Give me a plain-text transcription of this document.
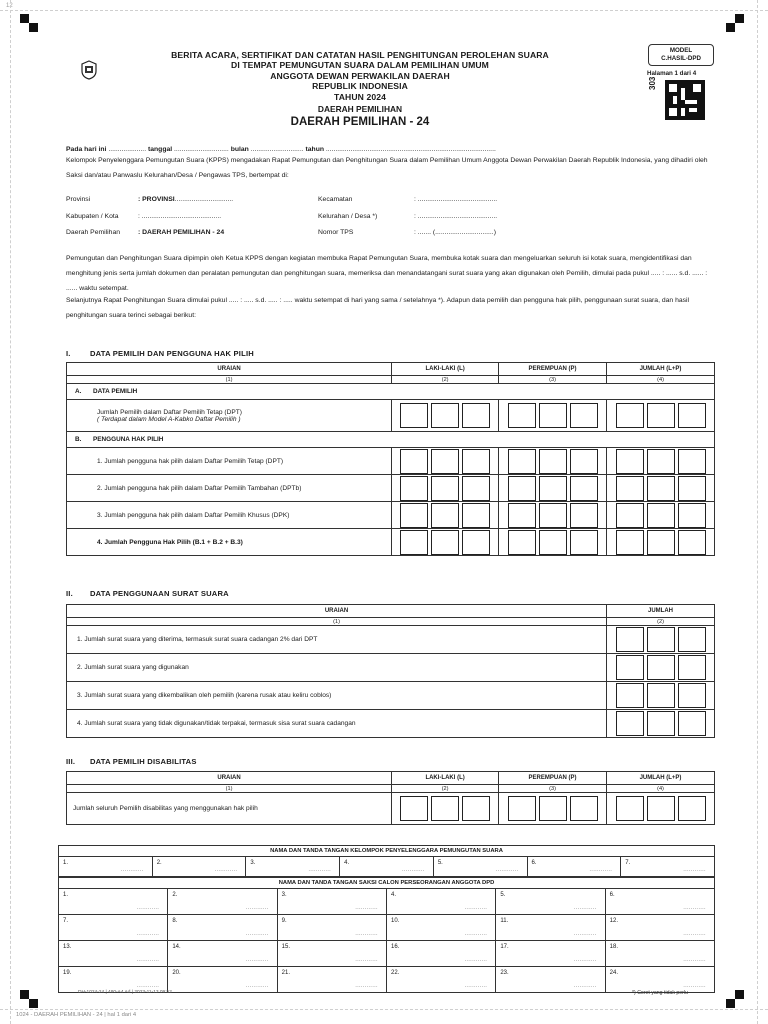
12
BERITA ACARA, SERTIFIKAT DAN CATATAN HASIL PENGHITUNGAN PEROLEHAN SUARA
DI TEMPAT PEMUNGUTAN SUARA DALAM PEMILIHAN UMUM
ANGGOTA DEWAN PERWAKILAN DAERAH
REPUBLIK INDONESIA
TAHUN 2024
DAERAH PEMILIHAN
DAERAH PEMILIHAN - 24
MODEL
C.HASIL-DPD
Halaman 1 dari 4
303
Pada hari ini .................... tanggal ............................. bulan ............................ tahun ..........................................................................................
Kelompok Penyelenggara Pemungutan Suara (KPPS) mengadakan Rapat Pemungutan dan Penghitungan Suara dalam Pemilihan Umum Anggota Dewan Perwakilan Daerah Republik Indonesia, yang dihadiri oleh Saksi dan/atau Panwaslu Kelurahan/Desa / Pengawas TPS, bertempat di:
Provinsi	: PROVINSI...............................
Kabupaten / Kota	: ..........................................
Daerah Pemilihan	: DAERAH PEMILIHAN - 24
Kecamatan	: ..........................................
Kelurahan / Desa *)	: ..........................................
Nomor TPS	: ....... (...............................)
Pemungutan dan Penghitungan Suara dipimpin oleh Ketua KPPS dengan kegiatan membuka Rapat Pemungutan Suara, membuka kotak suara dan mengeluarkan seluruh isi kotak suara, mengidentifikasi dan menghitung jenis serta jumlah dokumen dan peralatan pemungutan dan penghitungan suara, memeriksa dan menandatangani surat suara yang akan digunakan oleh Pemilih, dimulai pada pukul ..... : ...... s.d. ...... : ...... waktu setempat.
Selanjutnya Rapat Penghitungan Suara dimulai pukul ..... : ..... s.d. ..... : ..... waktu setempat di hari yang sama / setelahnya *). Adapun data pemilih dan pengguna hak pilih, penggunaan surat suara, dan hasil penghitungan suara terinci sebagai berikut:
I.	DATA PEMILIH DAN PENGGUNA HAK PILIH
URAIAN	LAKI-LAKI (L)	PEREMPUAN (P)	JUMLAH (L+P)
(1)	(2)	(3)	(4)
A. DATA PEMILIH			

Jumlah Pemilih dalam Daftar Pemilih Tetap (DPT)
( Terdapat dalam Model A-Kabko Daftar Pemilih )			

B. PENGGUNA HAK PILIH			
1. Jumlah pengguna hak pilih dalam Daftar Pemilih Tetap (DPT)	

2. Jumlah pengguna hak pilih dalam Daftar Pemilih Tambahan (DPTb)	

3. Jumlah pengguna hak pilih dalam Daftar Pemilih Khusus (DPK)	

4. Jumlah Pengguna Hak Pilih (B.1 + B.2 + B.3)	

II. DATA PENGGUNAAN SURAT SUARA
URAIAN	JUMLAH
(1)	(2)
1. Jumlah surat suara yang diterima, termasuk surat suara cadangan 2% dari DPT	

2. Jumlah surat suara yang digunakan	

3. Jumlah surat suara yang dikembalikan oleh pemilih (karena rusak atau keliru coblos)	

4. Jumlah surat suara yang tidak digunakan/tidak terpakai, termasuk sisa surat suara cadangan	
III. DATA PEMILIH DISABILITAS
URAIAN	LAKI-LAKI (L)	PEREMPUAN (P)	JUMLAH (L+P)
(1)	(2)	(3)	(4)
Jumlah seluruh Pemilih disabilitas yang menggunakan hak pilih	

NAMA DAN TANDA TANGAN KELOMPOK PENYELENGGARA PEMUNGUTAN SUARA
1.
............
	2.
............
	3.
............
	4.
............
	5.
............
	6.
............
	7.
............
NAMA DAN TANDA TANGAN SAKSI CALON PERSEORANGAN ANGGOTA DPD					
1.
............	2.
............	3.
............	4.
............	5.
............	6.
............

7.
............	8.
............	9.
............	10.
............	11.
............	12.
............

13.
............	14.
............	15.
............	16.
............	17.
............	18.
............

19.
............	20.
............	21.
............	22.
............	23.
............	24.
............
DH-1024-24 | 480-A4 Ad | 2023-11-13 09:52	*) Coret yang tidak perlu
1024 - DAERAH PEMILIHAN - 24 | hal 1 dari 4
